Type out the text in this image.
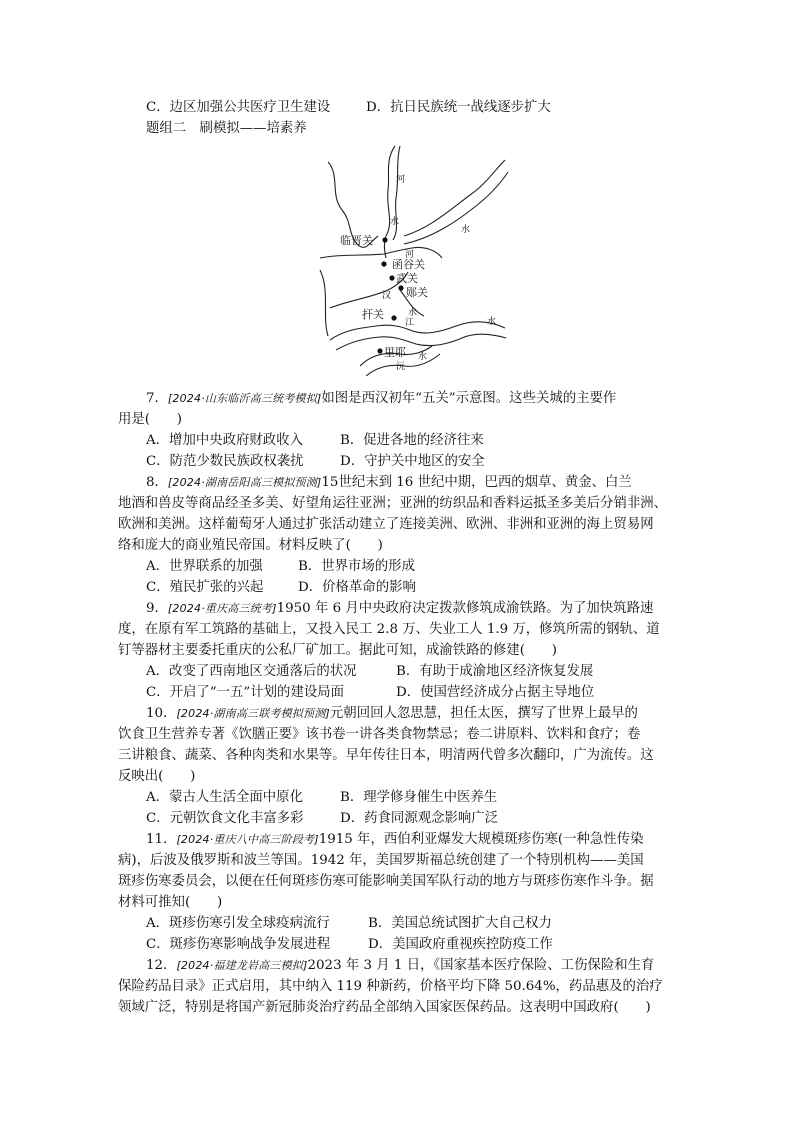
C．边区加强公共医疗卫生建设	D．抗日民族统一战线逐步扩大
题组二　刷模拟——培素养
河
水
水
河
汉
水
江	水
沅
水
临晋关
函谷关
武关
郧关
扞关
里耶
7．[2024·山东临沂高三统考模拟]如图是西汉初年“五关”示意图。这些关城的主要作
用是(　　)
A．增加中央政府财政收入	B．促进各地的经济往来
C．防范少数民族政权袭扰	D．守护关中地区的安全
8．[2024·湖南岳阳高三模拟预测]15世纪末到 16 世纪中期，巴西的烟草、黄金、白兰
地酒和兽皮等商品经圣多美、好望角运往亚洲；亚洲的纺织品和香料运抵圣多美后分销非洲、
欧洲和美洲。这样葡萄牙人通过扩张活动建立了连接美洲、欧洲、非洲和亚洲的海上贸易网
络和庞大的商业殖民帝国。材料反映了(　　)
A．世界联系的加强	B．世界市场的形成
C．殖民扩张的兴起	D．价格革命的影响
9．[2024·重庆高三统考]1950 年 6 月中央政府决定拨款修筑成渝铁路。为了加快筑路速
度，在原有军工筑路的基础上，又投入民工 2.8 万、失业工人 1.9 万，修筑所需的钢轨、道
钉等器材主要委托重庆的公私厂矿加工。据此可知，成渝铁路的修建(　　)
A．改变了西南地区交通落后的状况	B．有助于成渝地区经济恢复发展
C．开启了“一五”计划的建设局面	D．使国营经济成分占据主导地位
10．[2024·湖南高三联考模拟预测]元朝回回人忽思慧，担任太医，撰写了世界上最早的
饮食卫生营养专著《饮膳正要》该书卷一讲各类食物禁忌；卷二讲原料、饮料和食疗；卷
三讲粮食、蔬菜、各种肉类和水果等。早年传往日本，明清两代曾多次翻印，广为流传。这
反映出(　　)
A．蒙古人生活全面中原化	B．理学修身催生中医养生
C．元朝饮食文化丰富多彩	D．药食同源观念影响广泛
11．[2024·重庆八中高三阶段考]1915 年，西伯利亚爆发大规模斑疹伤寒(一种急性传染
病)，后波及俄罗斯和波兰等国。1942 年，美国罗斯福总统创建了一个特別机构——美国
斑疹伤寒委员会，以便在任何斑疹伤寒可能影响美国军队行动的地方与斑疹伤寒作斗争。据
材料可推知(　　)
A．斑疹伤寒引发全球疫病流行	B．美国总统试图扩大自己权力
C．斑疹伤寒影响战争发展进程	D．美国政府重视疾控防疫工作
12．[2024·福建龙岩高三模拟]2023 年 3 月 1 日，《国家基本医疗保险、工伤保险和生育
保险药品目录》正式启用，其中纳入 119 种新药，价格平均下降 50.64%，药品惠及的治疗
领域广泛，特别是将国产新冠肺炎治疗药品全部纳入国家医保药品。这表明中国政府(　　)
